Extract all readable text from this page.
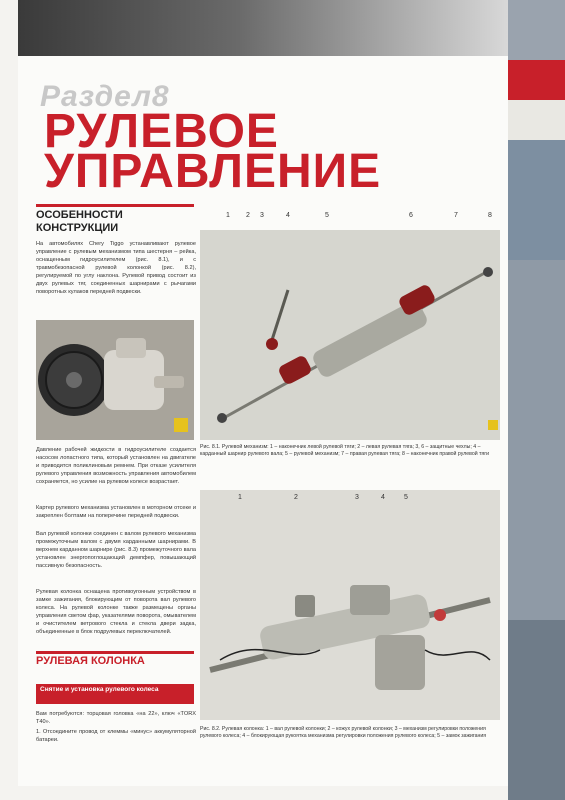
Раздел8
РУЛЕВОЕ
УПРАВЛЕНИЕ
ОСОБЕННОСТИ
КОНСТРУКЦИИ
На автомобилях Chery Tiggo устанавливают рулевое управление с рулевым механизмом типа шестерня – рейка, оснащенным гидроусилителем (рис. 8.1), и с травмобезопасной рулевой колонкой (рис. 8.2), регулируемой по углу наклона. Рулевой привод состоит из двух рулевых тяг, соединенных шарнирами с рычагами поворотных кулаков передней подвески.
Давление рабочей жидкости в гидроусилителе создается насосом лопастного типа, который установлен на двигателе и приводится поликлиновым ремнем. При отказе усилителя рулевого управления возможность управления автомобилем сохраняется, но усилие на рулевом колесе возрастает.
Картер рулевого механизма установлен в моторном отсеке и закреплен болтами на поперечине передней подвески.
Вал рулевой колонки соединен с валом рулевого механизма промежуточным валом с двумя карданными шарнирами. В верхнем карданном шарнире (рис. 8.3) промежуточного вала установлен энергопоглощающий демпфер, повышающий пассивную безопасность.
Рулевая колонка оснащена противоугонным устройством в замке зажигания, блокирующим от поворота вал рулевого колеса. На рулевой колонке также размещены органы управления светом фар, указателями поворота, омывателем и очистителем ветрового стекла и стекла двери задка, объединенные в блок подрулевых переключателей.
РУЛЕВАЯ КОЛОНКА
Снятие и установка рулевого колеса
Вам потребуются: торцовая головка «на 22», ключ «TORX T40».
1. Отсоедините провод от клеммы «минус» аккумуляторной батареи.
1 2 3	4	5	6	7	8
Рис. 8.1. Рулевой механизм: 1 – наконечник левой рулевой тяги; 2 – левая рулевая тяга; 3, 6 – защитные чехлы; 4 – карданный шарнир рулевого вала; 5 – рулевой механизм; 7 – правая рулевая тяга; 8 – наконечник правой рулевой тяги
1	2	3	4	5
Рис. 8.2. Рулевая колонка: 1 – вал рулевой колонки; 2 – кожух рулевой колонки; 3 – механизм регулировки положения рулевого колеса; 4 – блокирующая рукоятка механизма регулировки положения рулевого колеса; 5 – замок зажигания
